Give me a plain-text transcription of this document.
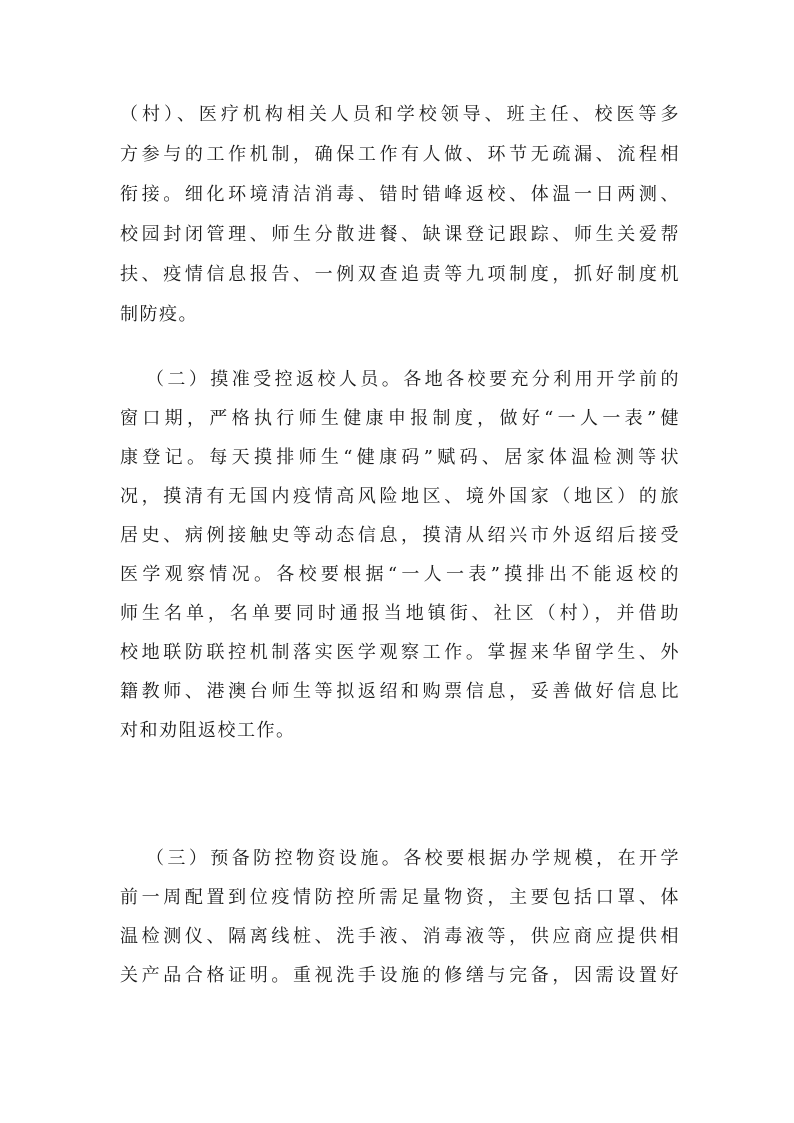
（村）、医疗机构相关人员和学校领导、班主任、校医等多
方参与的工作机制，确保工作有人做、环节无疏漏、流程相
衔接。细化环境清洁消毒、错时错峰返校、体温一日两测、
校园封闭管理、师生分散进餐、缺课登记跟踪、师生关爱帮
扶、疫情信息报告、一例双查追责等九项制度，抓好制度机
制防疫。
（二）摸准受控返校人员。各地各校要充分利用开学前的
窗口期，严格执行师生健康申报制度，做好“一人一表”健
康登记。每天摸排师生“健康码”赋码、居家体温检测等状
况，摸清有无国内疫情高风险地区、境外国家（地区）的旅
居史、病例接触史等动态信息，摸清从绍兴市外返绍后接受
医学观察情况。各校要根据“一人一表”摸排出不能返校的
师生名单，名单要同时通报当地镇街、社区（村），并借助
校地联防联控机制落实医学观察工作。掌握来华留学生、外
籍教师、港澳台师生等拟返绍和购票信息，妥善做好信息比
对和劝阻返校工作。
（三）预备防控物资设施。各校要根据办学规模，在开学
前一周配置到位疫情防控所需足量物资，主要包括口罩、体
温检测仪、隔离线桩、洗手液、消毒液等，供应商应提供相
关产品合格证明。重视洗手设施的修缮与完备，因需设置好
